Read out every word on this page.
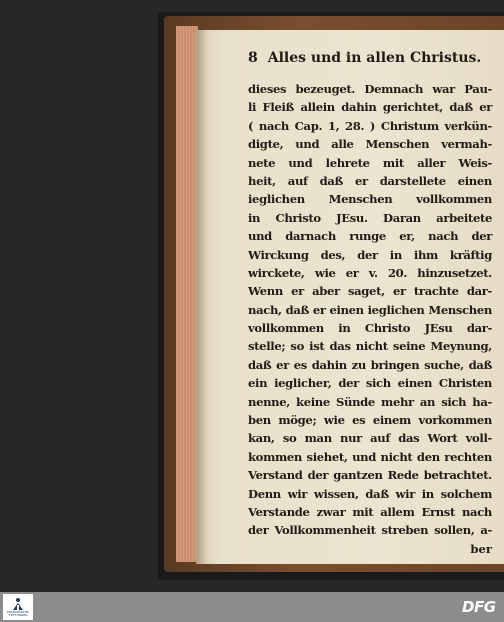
8 Alles und in allen Christus.
dieses bezeuget. Demnach war Pau-
li Fleiß allein dahin gerichtet, daß er
( nach Cap. 1, 28. ) Christum verkün-
digte, und alle Menschen vermah-
nete und lehrete mit aller Weis-
heit, auf daß er darstellete einen
ieglichen Menschen vollkommen
in Christo JEsu. Daran arbeitete
und darnach runge er, nach der
Wirckung des, der in ihm kräftig
wirckete, wie er v. 20. hinzusetzet.
Wenn er aber saget, er trachte dar-
nach, daß er einen ieglichen Menschen
vollkommen in Christo JEsu dar-
stelle; so ist das nicht seine Meynung,
daß er es dahin zu bringen suche, daß
ein ieglicher, der sich einen Christen
nenne, keine Sünde mehr an sich ha-
ben möge; wie es einem vorkommen
kan, so man nur auf das Wort voll-
kommen siehet, und nicht den rechten
Verstand der gantzen Rede betrachtet.
Denn wir wissen, daß wir in solchem
Verstande zwar mit allem Ernst nach
der Vollkommenheit streben sollen, a-
ber
FRANCKESCHE STIFTUNGEN	DFG
